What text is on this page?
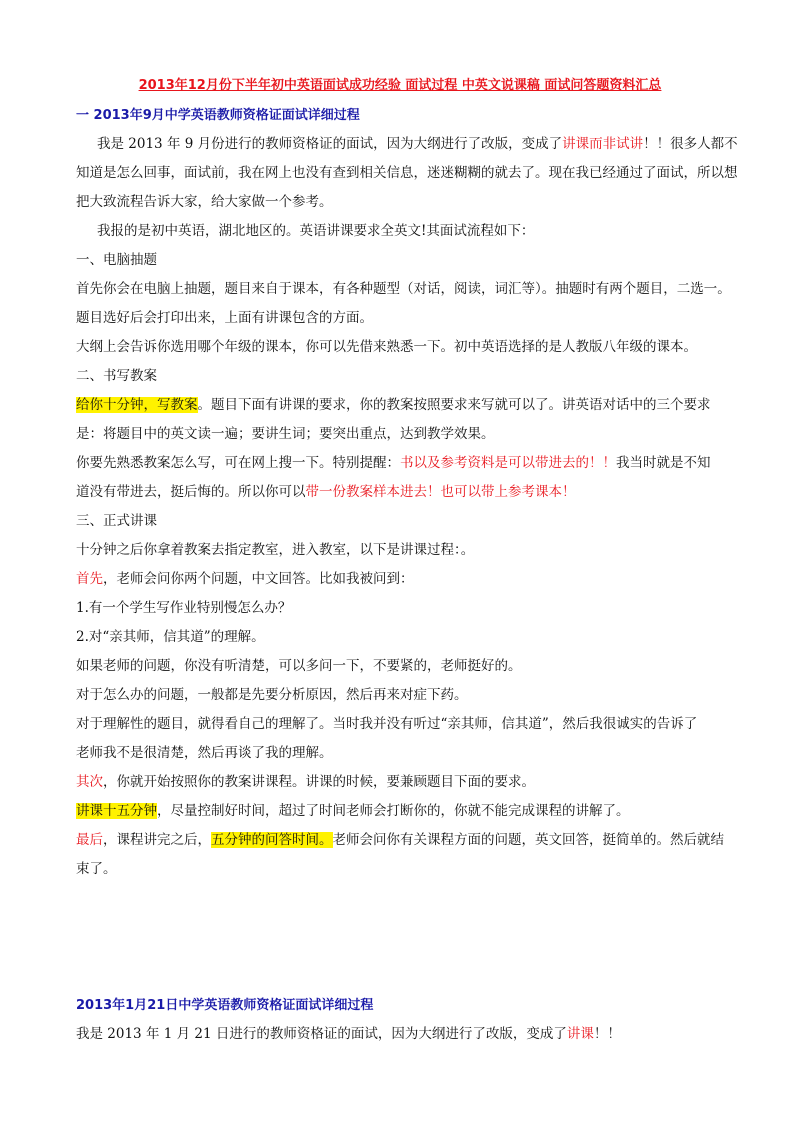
2013年12月份下半年初中英语面试成功经验 面试过程 中英文说课稿 面试问答题资料汇总

一 2013年9月中学英语教师资格证面试详细过程

我是 2013 年 9 月份进行的教师资格证的面试，因为大纲进行了改版，变成了讲课而非试讲！！很多人都不

知道是怎么回事，面试前，我在网上也没有查到相关信息，迷迷糊糊的就去了。现在我已经通过了面试，所以想

把大致流程告诉大家，给大家做一个参考。

我报的是初中英语，湖北地区的。英语讲课要求全英文!其面试流程如下：

一、电脑抽题

首先你会在电脑上抽题，题目来自于课本，有各种题型（对话，阅读，词汇等）。抽题时有两个题目，二选一。

题目选好后会打印出来，上面有讲课包含的方面。

大纲上会告诉你选用哪个年级的课本，你可以先借来熟悉一下。初中英语选择的是人教版八年级的课本。

二、书写教案

给你十分钟，写教案。题目下面有讲课的要求，你的教案按照要求来写就可以了。讲英语对话中的三个要求

是：将题目中的英文读一遍；要讲生词；要突出重点，达到教学效果。

你要先熟悉教案怎么写，可在网上搜一下。特别提醒：书以及参考资料是可以带进去的！！我当时就是不知

道没有带进去，挺后悔的。所以你可以带一份教案样本进去！也可以带上参考课本！

三、正式讲课

十分钟之后你拿着教案去指定教室，进入教室，以下是讲课过程：。

首先，老师会问你两个问题，中文回答。比如我被问到：

1.有一个学生写作业特别慢怎么办？

2.对“亲其师，信其道”的理解。

如果老师的问题，你没有听清楚，可以多问一下，不要紧的，老师挺好的。

对于怎么办的问题，一般都是先要分析原因，然后再来对症下药。

对于理解性的题目，就得看自己的理解了。当时我并没有听过“亲其师，信其道”，然后我很诚实的告诉了

老师我不是很清楚，然后再谈了我的理解。

其次，你就开始按照你的教案讲课程。讲课的时候，要兼顾题目下面的要求。

讲课十五分钟，尽量控制好时间，超过了时间老师会打断你的，你就不能完成课程的讲解了。

最后，课程讲完之后，五分钟的问答时间。老师会问你有关课程方面的问题，英文回答，挺简单的。然后就结

束了。

2013年1月21日中学英语教师资格证面试详细过程

我是 2013 年 1 月 21 日进行的教师资格证的面试，因为大纲进行了改版，变成了讲课！！
